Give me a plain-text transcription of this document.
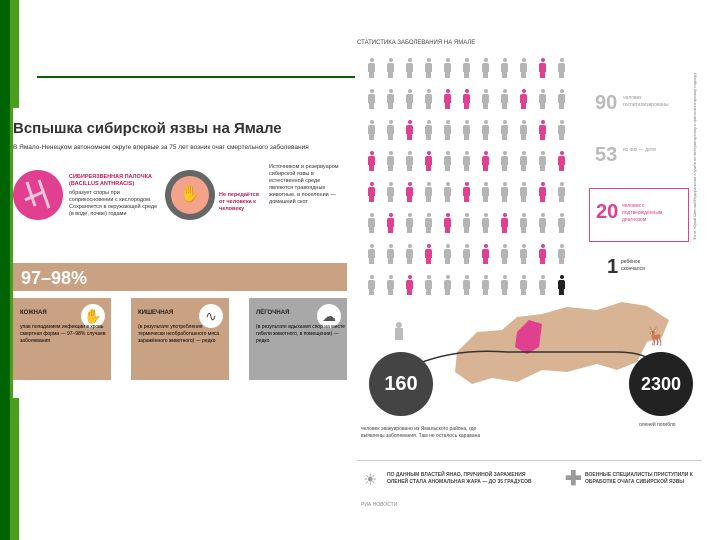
Вспышка сибирской язвы на Ямале
В Ямало-Ненецком автономном округе впервые за 75 лет возник очаг смертельного заболевания
СИБИРЕЯЗВЕННАЯ ПАЛОЧКА (BACILLUS ANTHRACIS)
образует споры при соприкосновении с кислородом. Сохраняется в окружающей среде (в воде, почве) годами
✋	Не передаётся от человека к человеку
Источником и резервуаром сибирской язвы в естественной среде являются травоядные животные, в поселении — домашний скот
97–98%
✋
КОЖНАЯ
упав попаданием инфекции в кровь смертная форма — 97–98% случаев заболевания
∿
КИШЕЧНАЯ
(в результате употребления термически необработанного мяса заражённого животного) — редко
☁
ЛЁГОЧНАЯ
(в результате вдыхания спор на месте гибели животного, в помещении) — редко
СТАТИСТИКА ЗАБОЛЕВАНИЯ НА ЯМАЛЕ
90 человек госпитализированы
53 из них — дети
20 человек с подтверждённым диагнозом
1 ребёнок скончался
160
🦌
2300
человек эвакуировано из Ямальского района, где выявлены заболевания. Там не осталось каравана
оленей погибло
☀ ПО ДАННЫМ ВЛАСТЕЙ ЯНАО, ПРИЧИНОЙ ЗАРАЖЕНИЯ ОЛЕНЕЙ СТАЛА АНОМАЛЬНАЯ ЖАРА — ДО 35 ГРАДУСОВ ✚ ВОЕННЫЕ СПЕЦИАЛИСТЫ ПРИСТУПИЛИ К ОБРАБОТКЕ ОЧАГА СИБИРСКОЙ ЯЗВЫ
РИА НОВОСТИ
Фото: Юрий Шестак/Федеральная служба по ветеринарному и фитосанитарному надзору
